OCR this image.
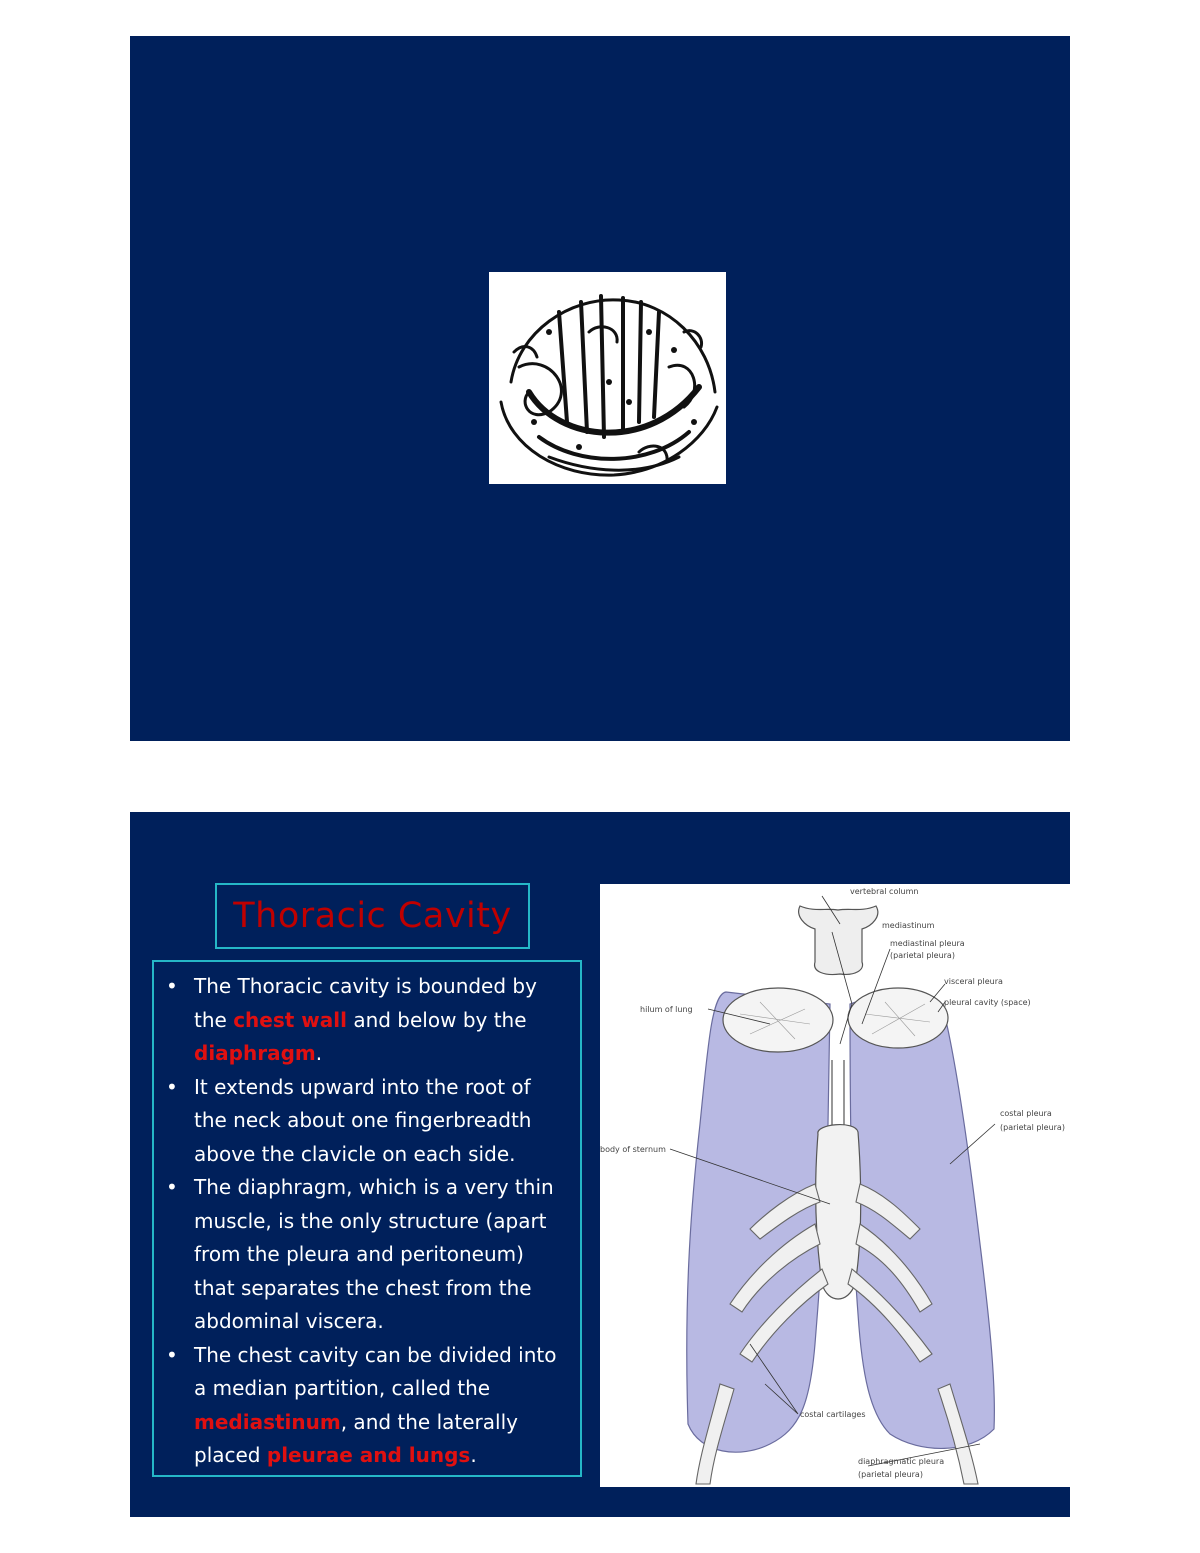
Thoracic Cavity
• The Thoracic cavity is bounded by the chest wall and below by the diaphragm.
• It extends upward into the root of the neck about one fingerbreadth above the clavicle on each side.
• The diaphragm, which is a very thin muscle, is the only structure (apart from the pleura and peritoneum) that separates the chest from the abdominal viscera.
• The chest cavity can be divided into a median partition, called the mediastinum, and the laterally placed pleurae and lungs.
vertebral column
mediastinum
mediastinal pleura
(parietal pleura)
visceral pleura
pleural cavity (space)
hilum of lung
costal pleura
(parietal pleura)
body of sternum
costal cartilages
diaphragmatic pleura
(parietal pleura)
